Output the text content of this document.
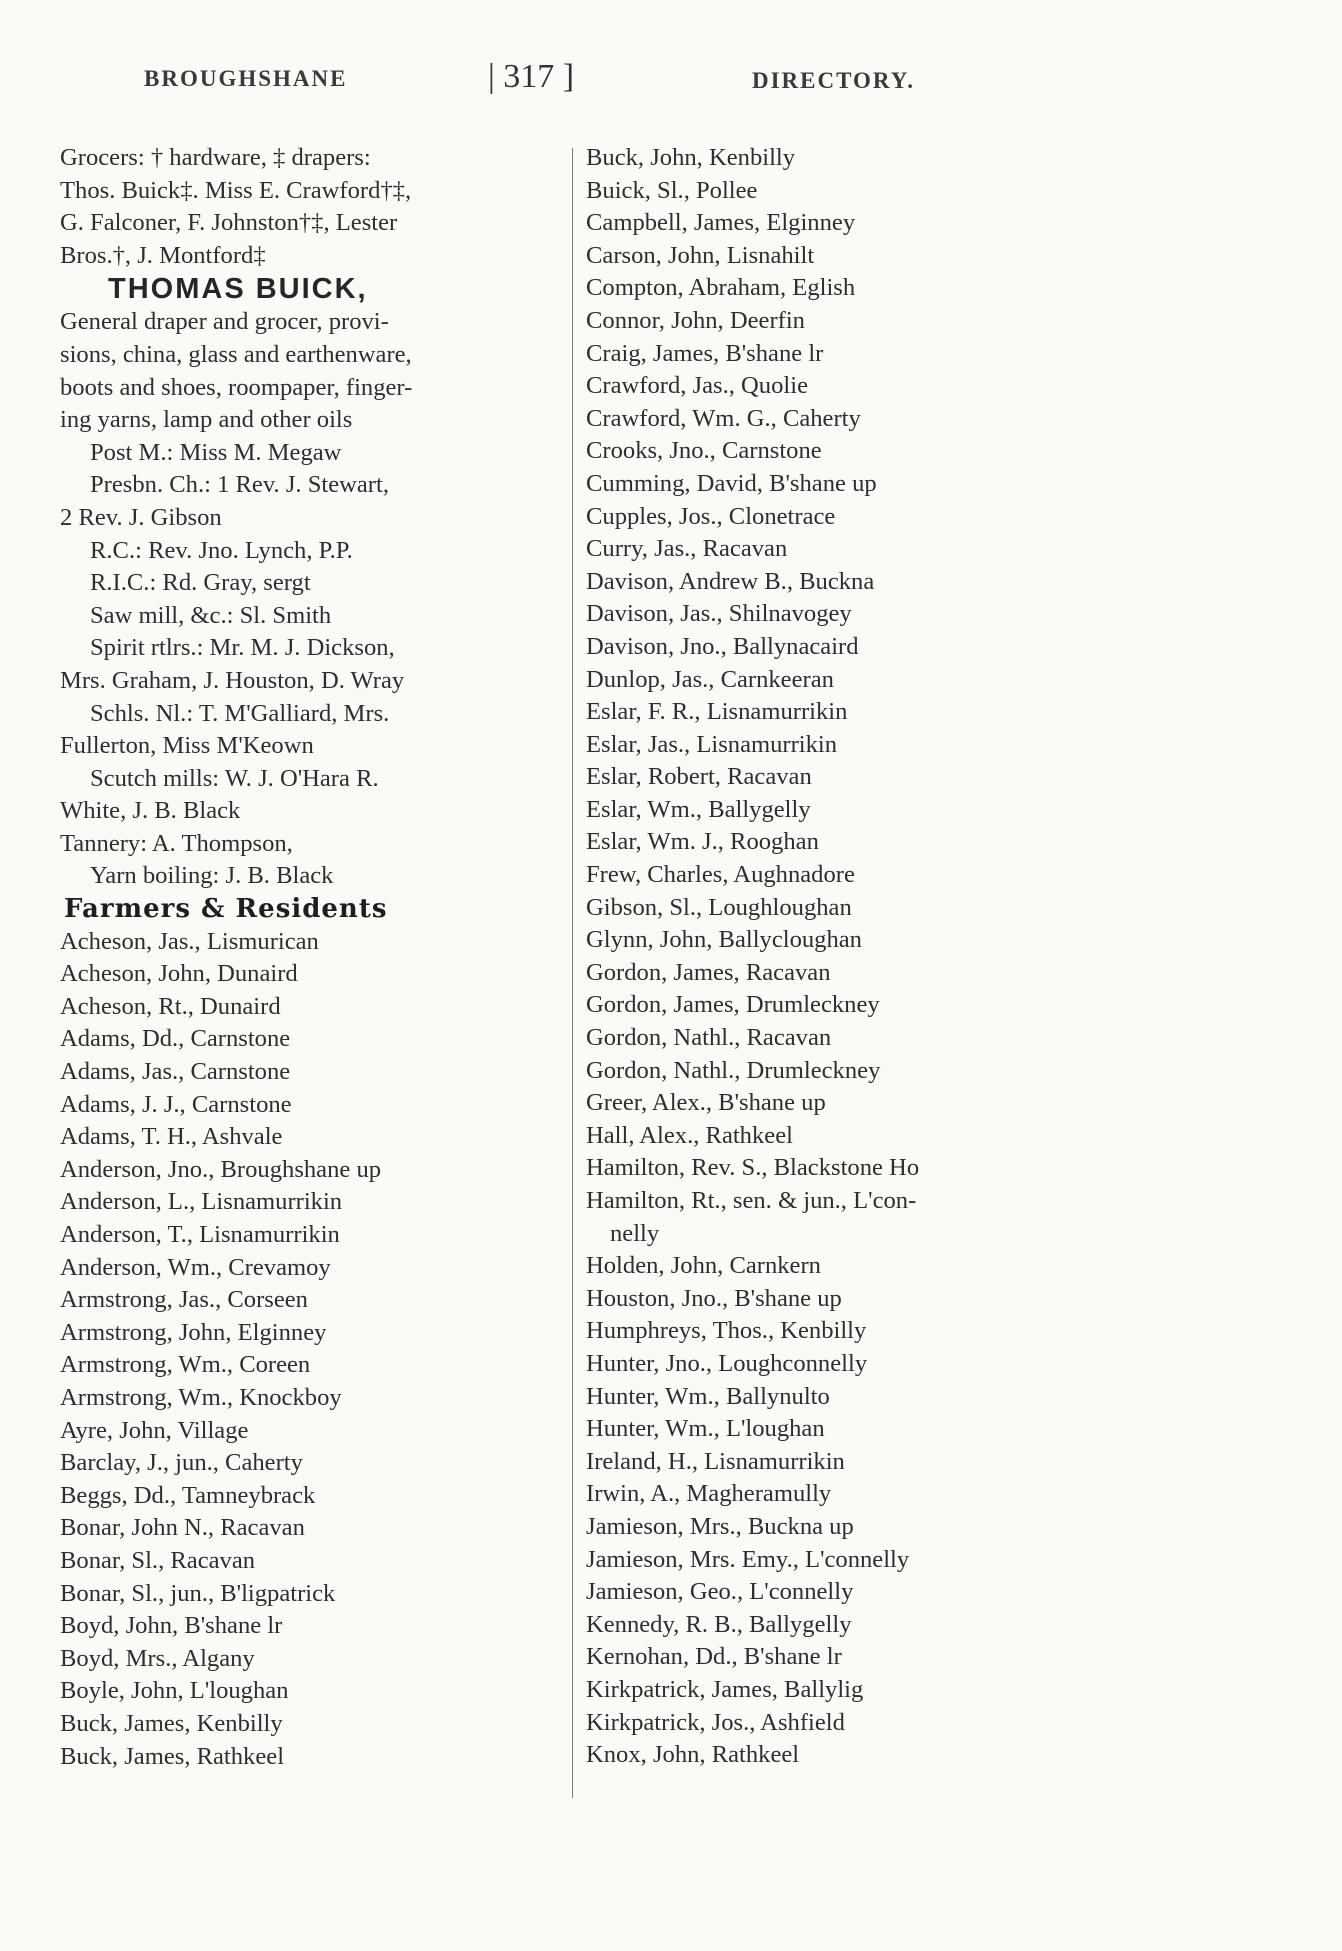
BROUGHSHANE	| 317 ]	DIRECTORY.
Grocers: † hardware, ‡ drapers:
Thos. Buick‡. Miss E. Crawford†‡,
G. Falconer, F. Johnston†‡, Lester
Bros.†, J. Montford‡
THOMAS BUICK,
General draper and grocer, provi-
sions, china, glass and earthenware,
boots and shoes, roompaper, finger-
ing yarns, lamp and other oils
Post M.: Miss M. Megaw
Presbn. Ch.: 1 Rev. J. Stewart,
2 Rev. J. Gibson
R.C.: Rev. Jno. Lynch, P.P.
R.I.C.: Rd. Gray, sergt
Saw mill, &c.: Sl. Smith
Spirit rtlrs.: Mr. M. J. Dickson,
Mrs. Graham, J. Houston, D. Wray
Schls. Nl.: T. M'Galliard, Mrs.
Fullerton, Miss M'Keown
Scutch mills: W. J. O'Hara R.
White, J. B. Black
Tannery: A. Thompson,
Yarn boiling: J. B. Black
Farmers & Residents
Acheson, Jas., Lismurican
Acheson, John, Dunaird
Acheson, Rt., Dunaird
Adams, Dd., Carnstone
Adams, Jas., Carnstone
Adams, J. J., Carnstone
Adams, T. H., Ashvale
Anderson, Jno., Broughshane up
Anderson, L., Lisnamurrikin
Anderson, T., Lisnamurrikin
Anderson, Wm., Crevamoy
Armstrong, Jas., Corseen
Armstrong, John, Elginney
Armstrong, Wm., Coreen
Armstrong, Wm., Knockboy
Ayre, John, Village
Barclay, J., jun., Caherty
Beggs, Dd., Tamneybrack
Bonar, John N., Racavan
Bonar, Sl., Racavan
Bonar, Sl., jun., B'ligpatrick
Boyd, John, B'shane lr
Boyd, Mrs., Algany
Boyle, John, L'loughan
Buck, James, Kenbilly
Buck, James, Rathkeel
Buck, John, Kenbilly
Buick, Sl., Pollee
Campbell, James, Elginney
Carson, John, Lisnahilt
Compton, Abraham, Eglish
Connor, John, Deerfin
Craig, James, B'shane lr
Crawford, Jas., Quolie
Crawford, Wm. G., Caherty
Crooks, Jno., Carnstone
Cumming, David, B'shane up
Cupples, Jos., Clonetrace
Curry, Jas., Racavan
Davison, Andrew B., Buckna
Davison, Jas., Shilnavogey
Davison, Jno., Ballynacaird
Dunlop, Jas., Carnkeeran
Eslar, F. R., Lisnamurrikin
Eslar, Jas., Lisnamurrikin
Eslar, Robert, Racavan
Eslar, Wm., Ballygelly
Eslar, Wm. J., Rooghan
Frew, Charles, Aughnadore
Gibson, Sl., Loughloughan
Glynn, John, Ballycloughan
Gordon, James, Racavan
Gordon, James, Drumleckney
Gordon, Nathl., Racavan
Gordon, Nathl., Drumleckney
Greer, Alex., B'shane up
Hall, Alex., Rathkeel
Hamilton, Rev. S., Blackstone Ho
Hamilton, Rt., sen. & jun., L'con-
nelly
Holden, John, Carnkern
Houston, Jno., B'shane up
Humphreys, Thos., Kenbilly
Hunter, Jno., Loughconnelly
Hunter, Wm., Ballynulto
Hunter, Wm., L'loughan
Ireland, H., Lisnamurrikin
Irwin, A., Magheramully
Jamieson, Mrs., Buckna up
Jamieson, Mrs. Emy., L'connelly
Jamieson, Geo., L'connelly
Kennedy, R. B., Ballygelly
Kernohan, Dd., B'shane lr
Kirkpatrick, James, Ballylig
Kirkpatrick, Jos., Ashfield
Knox, John, Rathkeel
